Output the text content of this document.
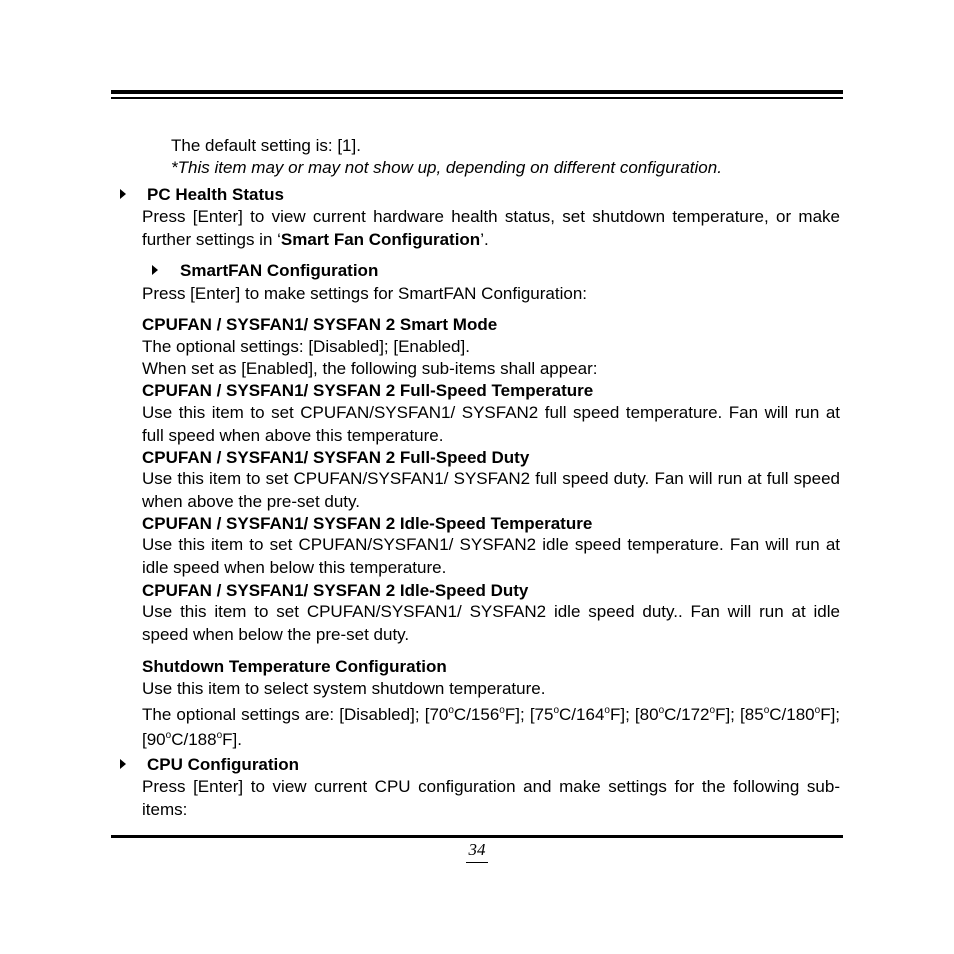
The default setting is: [1].
*This item may or may not show up, depending on different configuration.
PC Health Status
Press [Enter] to view current hardware health status, set shutdown temperature, or make further settings in ‘Smart Fan Configuration’.
SmartFAN Configuration
Press [Enter] to make settings for SmartFAN Configuration:
CPUFAN / SYSFAN1/ SYSFAN 2 Smart Mode
The optional settings: [Disabled]; [Enabled].
When set as [Enabled], the following sub-items shall appear:
CPUFAN / SYSFAN1/ SYSFAN 2 Full-Speed Temperature
Use this item to set CPUFAN/SYSFAN1/ SYSFAN2 full speed temperature. Fan will run at full speed when above this temperature.
CPUFAN / SYSFAN1/ SYSFAN 2 Full-Speed Duty
Use this item to set CPUFAN/SYSFAN1/ SYSFAN2 full speed duty. Fan will run at full speed when above the pre-set duty.
CPUFAN / SYSFAN1/ SYSFAN 2 Idle-Speed Temperature
Use this item to set CPUFAN/SYSFAN1/ SYSFAN2 idle speed temperature. Fan will run at idle speed when below this temperature.
CPUFAN / SYSFAN1/ SYSFAN 2 Idle-Speed Duty
Use this item to set CPUFAN/SYSFAN1/ SYSFAN2 idle speed duty.. Fan will run at idle speed when below the pre-set duty.
Shutdown Temperature Configuration
Use this item to select system shutdown temperature.
The optional settings are: [Disabled]; [70$^o$C/156$^o$F]; [75$^o$C/164$^o$F]; [80$^o$C/172$^o$F]; [85$^o$C/180$^o$F];[90$^o$C/188$^o$F].
CPU Configuration
Press [Enter] to view current CPU configuration and make settings for the following sub-items:
34
